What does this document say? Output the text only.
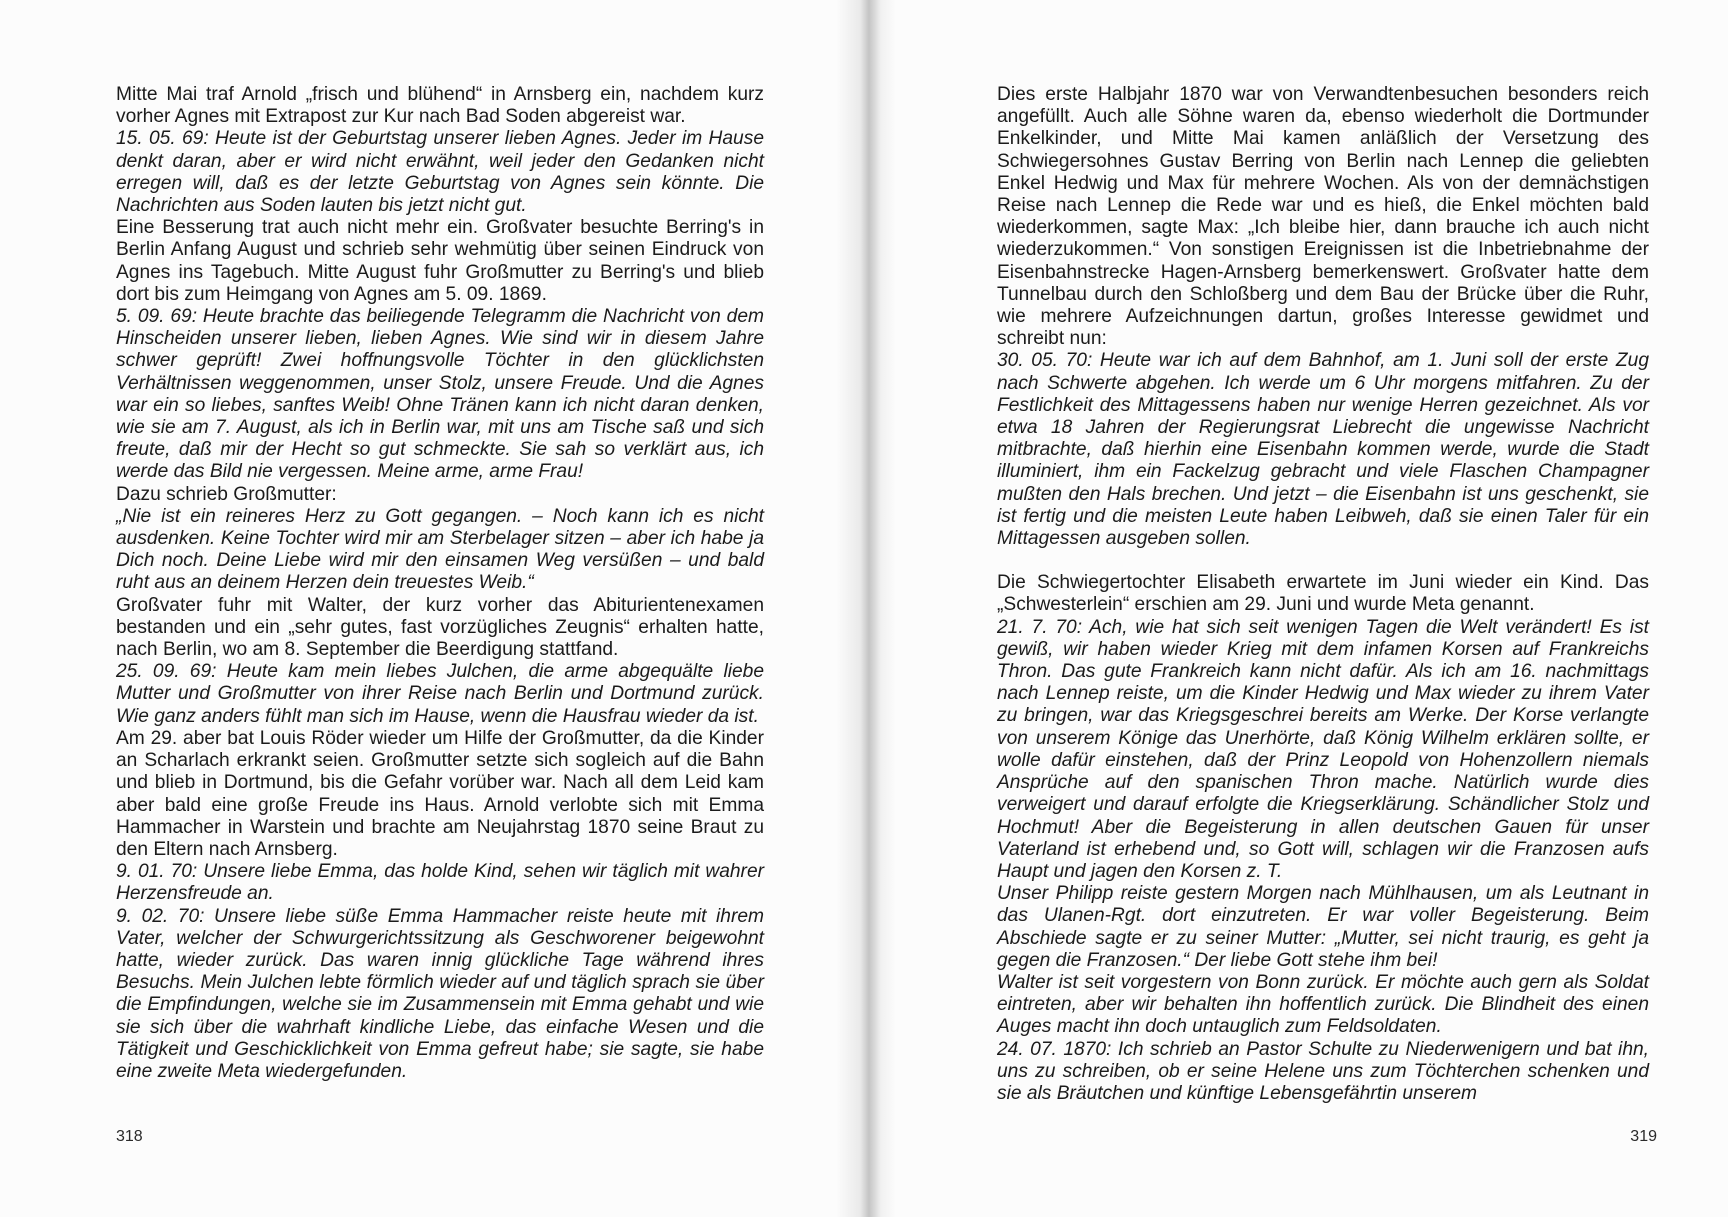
Mitte Mai traf Arnold „frisch und blühend“ in Arnsberg ein, nachdem kurz vorher Agnes mit Extrapost zur Kur nach Bad Soden abgereist war.

15. 05. 69: Heute ist der Geburtstag unserer lieben Agnes. Jeder im Hause denkt daran, aber er wird nicht erwähnt, weil jeder den Gedanken nicht erregen will, daß es der letzte Geburtstag von Agnes sein könnte. Die Nachrichten aus Soden lauten bis jetzt nicht gut.

Eine Besserung trat auch nicht mehr ein. Großvater besuchte Berring's in Berlin Anfang August und schrieb sehr wehmütig über seinen Eindruck von Agnes ins Tagebuch. Mitte August fuhr Großmutter zu Berring's und blieb dort bis zum Heimgang von Agnes am 5. 09. 1869.

5. 09. 69: Heute brachte das beiliegende Telegramm die Nachricht von dem Hinscheiden unserer lieben, lieben Agnes. Wie sind wir in diesem Jahre schwer geprüft! Zwei hoffnungsvolle Töchter in den glücklichsten Verhältnissen weggenommen, unser Stolz, unsere Freude. Und die Agnes war ein so liebes, sanftes Weib! Ohne Tränen kann ich nicht daran denken, wie sie am 7. August, als ich in Berlin war, mit uns am Tische saß und sich freute, daß mir der Hecht so gut schmeckte. Sie sah so verklärt aus, ich werde das Bild nie vergessen. Meine arme, arme Frau!

Dazu schrieb Großmutter:

„Nie ist ein reineres Herz zu Gott gegangen. – Noch kann ich es nicht ausdenken. Keine Tochter wird mir am Sterbelager sitzen – aber ich habe ja Dich noch. Deine Liebe wird mir den einsamen Weg versüßen – und bald ruht aus an deinem Herzen dein treuestes Weib.“

Großvater fuhr mit Walter, der kurz vorher das Abiturientenexamen bestanden und ein „sehr gutes, fast vorzügliches Zeugnis“ erhalten hatte, nach Berlin, wo am 8. September die Beerdigung stattfand.

25. 09. 69: Heute kam mein liebes Julchen, die arme abgequälte liebe Mutter und Großmutter von ihrer Reise nach Berlin und Dortmund zurück. Wie ganz anders fühlt man sich im Hause, wenn die Hausfrau wieder da ist.

Am 29. aber bat Louis Röder wieder um Hilfe der Großmutter, da die Kinder an Scharlach erkrankt seien. Großmutter setzte sich sogleich auf die Bahn und blieb in Dortmund, bis die Gefahr vorüber war. Nach all dem Leid kam aber bald eine große Freude ins Haus. Arnold verlobte sich mit Emma Hammacher in Warstein und brachte am Neujahrstag 1870 seine Braut zu den Eltern nach Arnsberg.

9. 01. 70: Unsere liebe Emma, das holde Kind, sehen wir täglich mit wahrer Herzensfreude an.

9. 02. 70: Unsere liebe süße Emma Hammacher reiste heute mit ihrem Vater, welcher der Schwurgerichtssitzung als Geschworener beigewohnt hatte, wieder zurück. Das waren innig glückliche Tage während ihres Besuchs. Mein Julchen lebte förmlich wieder auf und täglich sprach sie über die Empfindungen, welche sie im Zusammensein mit Emma gehabt und wie sie sich über die wahrhaft kindliche Liebe, das einfache Wesen und die Tätigkeit und Geschicklichkeit von Emma gefreut habe; sie sagte, sie habe eine zweite Meta wiedergefunden.

318

Dies erste Halbjahr 1870 war von Verwandtenbesuchen besonders reich angefüllt. Auch alle Söhne waren da, ebenso wiederholt die Dortmunder Enkelkinder, und Mitte Mai kamen anläßlich der Versetzung des Schwiegersohnes Gustav Berring von Berlin nach Lennep die geliebten Enkel Hedwig und Max für mehrere Wochen. Als von der demnächstigen Reise nach Lennep die Rede war und es hieß, die Enkel möchten bald wiederkommen, sagte Max: „Ich bleibe hier, dann brauche ich auch nicht wiederzukommen.“ Von sonstigen Ereignissen ist die Inbetriebnahme der Eisenbahnstrecke Hagen-Arnsberg bemerkenswert. Großvater hatte dem Tunnelbau durch den Schloßberg und dem Bau der Brücke über die Ruhr, wie mehrere Aufzeichnungen dartun, großes Interesse gewidmet und schreibt nun:

30. 05. 70: Heute war ich auf dem Bahnhof, am 1. Juni soll der erste Zug nach Schwerte abgehen. Ich werde um 6 Uhr morgens mitfahren. Zu der Festlichkeit des Mittagessens haben nur wenige Herren gezeichnet. Als vor etwa 18 Jahren der Regierungsrat Liebrecht die ungewisse Nachricht mitbrachte, daß hierhin eine Eisenbahn kommen werde, wurde die Stadt illuminiert, ihm ein Fackelzug gebracht und viele Flaschen Champagner mußten den Hals brechen. Und jetzt – die Eisenbahn ist uns geschenkt, sie ist fertig und die meisten Leute haben Leibweh, daß sie einen Taler für ein Mittagessen ausgeben sollen.

Die Schwiegertochter Elisabeth erwartete im Juni wieder ein Kind. Das „Schwesterlein“ erschien am 29. Juni und wurde Meta genannt.

21. 7. 70: Ach, wie hat sich seit wenigen Tagen die Welt verändert! Es ist gewiß, wir haben wieder Krieg mit dem infamen Korsen auf Frankreichs Thron. Das gute Frankreich kann nicht dafür. Als ich am 16. nachmittags nach Lennep reiste, um die Kinder Hedwig und Max wieder zu ihrem Vater zu bringen, war das Kriegsgeschrei bereits am Werke. Der Korse verlangte von unserem Könige das Unerhörte, daß König Wilhelm erklären sollte, er wolle dafür einstehen, daß der Prinz Leopold von Hohenzollern niemals Ansprüche auf den spanischen Thron mache. Natürlich wurde dies verweigert und darauf erfolgte die Kriegserklärung. Schändlicher Stolz und Hochmut! Aber die Begeisterung in allen deutschen Gauen für unser Vaterland ist erhebend und, so Gott will, schlagen wir die Franzosen aufs Haupt und jagen den Korsen z. T.

Unser Philipp reiste gestern Morgen nach Mühlhausen, um als Leutnant in das Ulanen-Rgt. dort einzutreten. Er war voller Begeisterung. Beim Abschiede sagte er zu seiner Mutter: „Mutter, sei nicht traurig, es geht ja gegen die Franzosen.“ Der liebe Gott stehe ihm bei!

Walter ist seit vorgestern von Bonn zurück. Er möchte auch gern als Soldat eintreten, aber wir behalten ihn hoffentlich zurück. Die Blindheit des einen Auges macht ihn doch untauglich zum Feldsoldaten.

24. 07. 1870: Ich schrieb an Pastor Schulte zu Niederwenigern und bat ihn, uns zu schreiben, ob er seine Helene uns zum Töchterchen schenken und sie als Bräutchen und künftige Lebensgefährtin unserem

319
